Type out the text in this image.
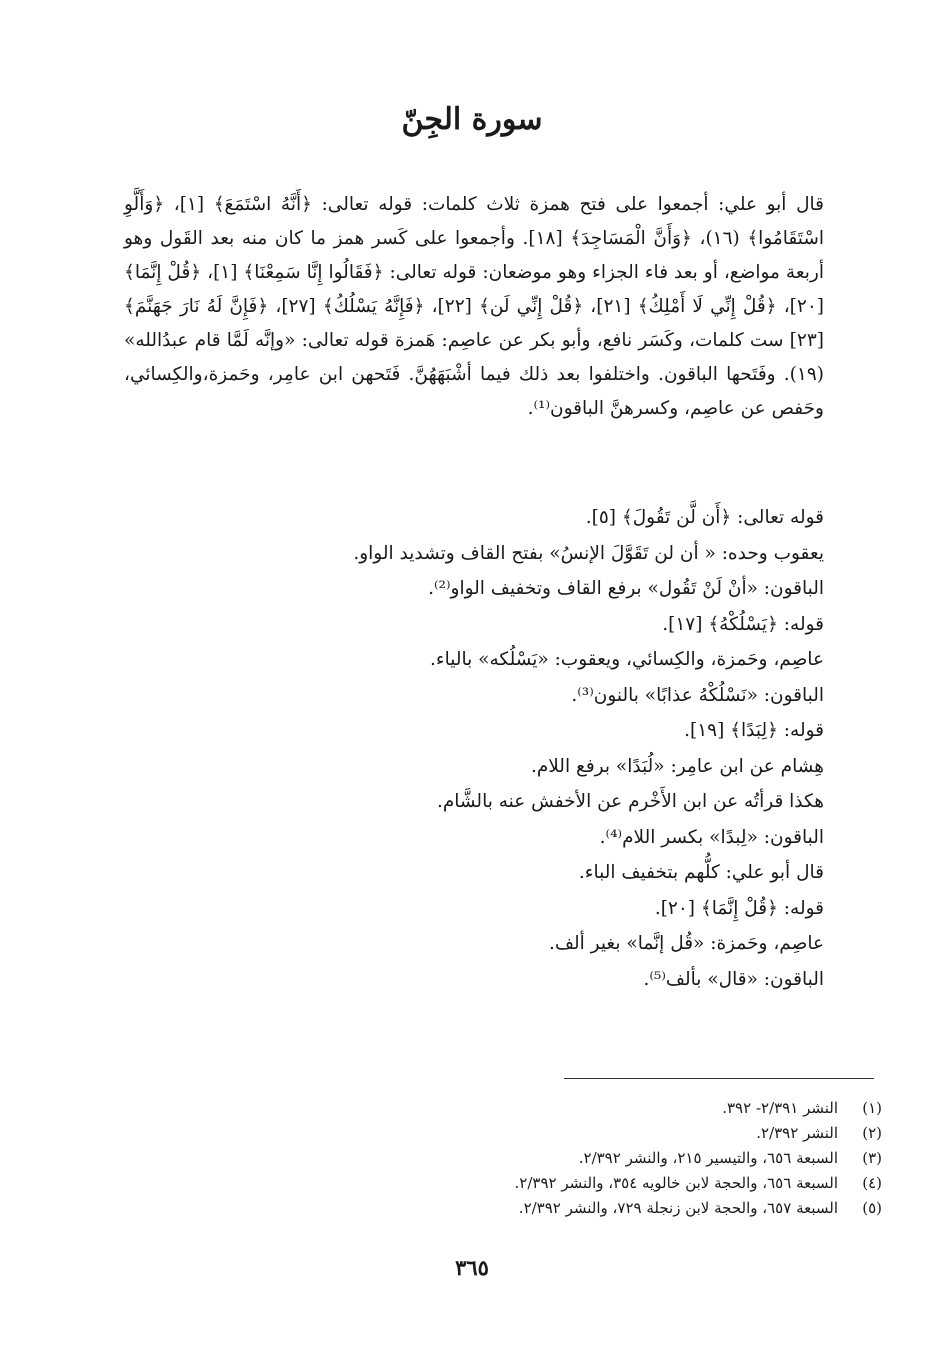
سورة الجِنّ

قال أبو علي: أجمعوا على فتح همزة ثلاث كلمات: قوله تعالى: ﴿أَنَّهُ اسْتَمَعَ﴾ [١]، ﴿وَأَلَّوِ اسْتَقَامُوا﴾ (١٦)، ﴿وَأَنَّ الْمَسَاجِدَ﴾ [١٨]. وأجمعوا على كَسر همز ما كان منه بعد القَول وهو أربعة مواضع، أو بعد فاء الجزاء وهو موضعان: قوله تعالى: ﴿فَقَالُوا إِنَّا سَمِعْنَا﴾ [١]، ﴿قُلْ إِنَّمَا﴾[٢٠]، ﴿قُلْ إِنِّي لَا أَمْلِكُ﴾ [٢١]، ﴿قُلْ إِنِّي لَن﴾ [٢٢]، ﴿فَإِنَّهُ يَسْلُكُ﴾ [٢٧]، ﴿فَإِنَّ لَهُ نَارَ جَهَنَّمَ﴾ [٢٣] ست كلمات، وكَسَر نافع، وأبو بكر عن عاصِم: هَمزة قوله تعالى: «وإنَّه لَمَّا قام عبدُالله» (١٩). وفَتَحها الباقون. واختلفوا بعد ذلك فيما أشْبَهَهُنَّ. فَتَحهن ابن عامِر، وحَمزة،والكِسائي، وحَفص عن عاصِم، وكسرهنَّ الباقون⁽¹⁾.

قوله تعالى: ﴿أَن لَّن تَقُولَ﴾ [٥].
يعقوب وحده: « أن لن تَقَوَّلَ الإنسُ» بفتح القاف وتشديد الواو.
الباقون: «أنْ لَنْ تَقُول» برفع القاف وتخفيف الواو⁽²⁾.
قوله: ﴿يَسْلُكْهُ﴾ [١٧].
عاصِم، وحَمزة، والكِسائي، ويعقوب: «يَسْلُكه» بالياء.
الباقون: «نَسْلُكْهُ عذابًا» بالنون⁽³⁾.
قوله: ﴿لِبَدًا﴾ [١٩].
هِشام عن ابن عامِر: «لُبَدًا» برفع اللام.
هكذا قرأتُه عن ابن الأَخْرم عن الأخفش عنه بالشَّام.
الباقون: «لِبدًا» بكسر اللام⁽⁴⁾.
قال أبو علي: كلُّهم بتخفيف الباء.
قوله: ﴿قُلْ إِنَّمَا﴾ [٢٠].
عاصِم، وحَمزة: «قُل إنَّما» بغير ألف.
الباقون: «قال» بألف⁽⁵⁾.
(١)النشر ٢/٣٩١- ٣٩٢.
(٢)النشر ٢/٣٩٢.
(٣)السبعة ٦٥٦، والتيسير ٢١٥، والنشر ٢/٣٩٢.
(٤)السبعة ٦٥٦، والحجة لابن خالويه ٣٥٤، والنشر ٢/٣٩٢.
(٥)السبعة ٦٥٧، والحجة لابن زنجلة ٧٢٩، والنشر ٢/٣٩٢.
٣٦٥
